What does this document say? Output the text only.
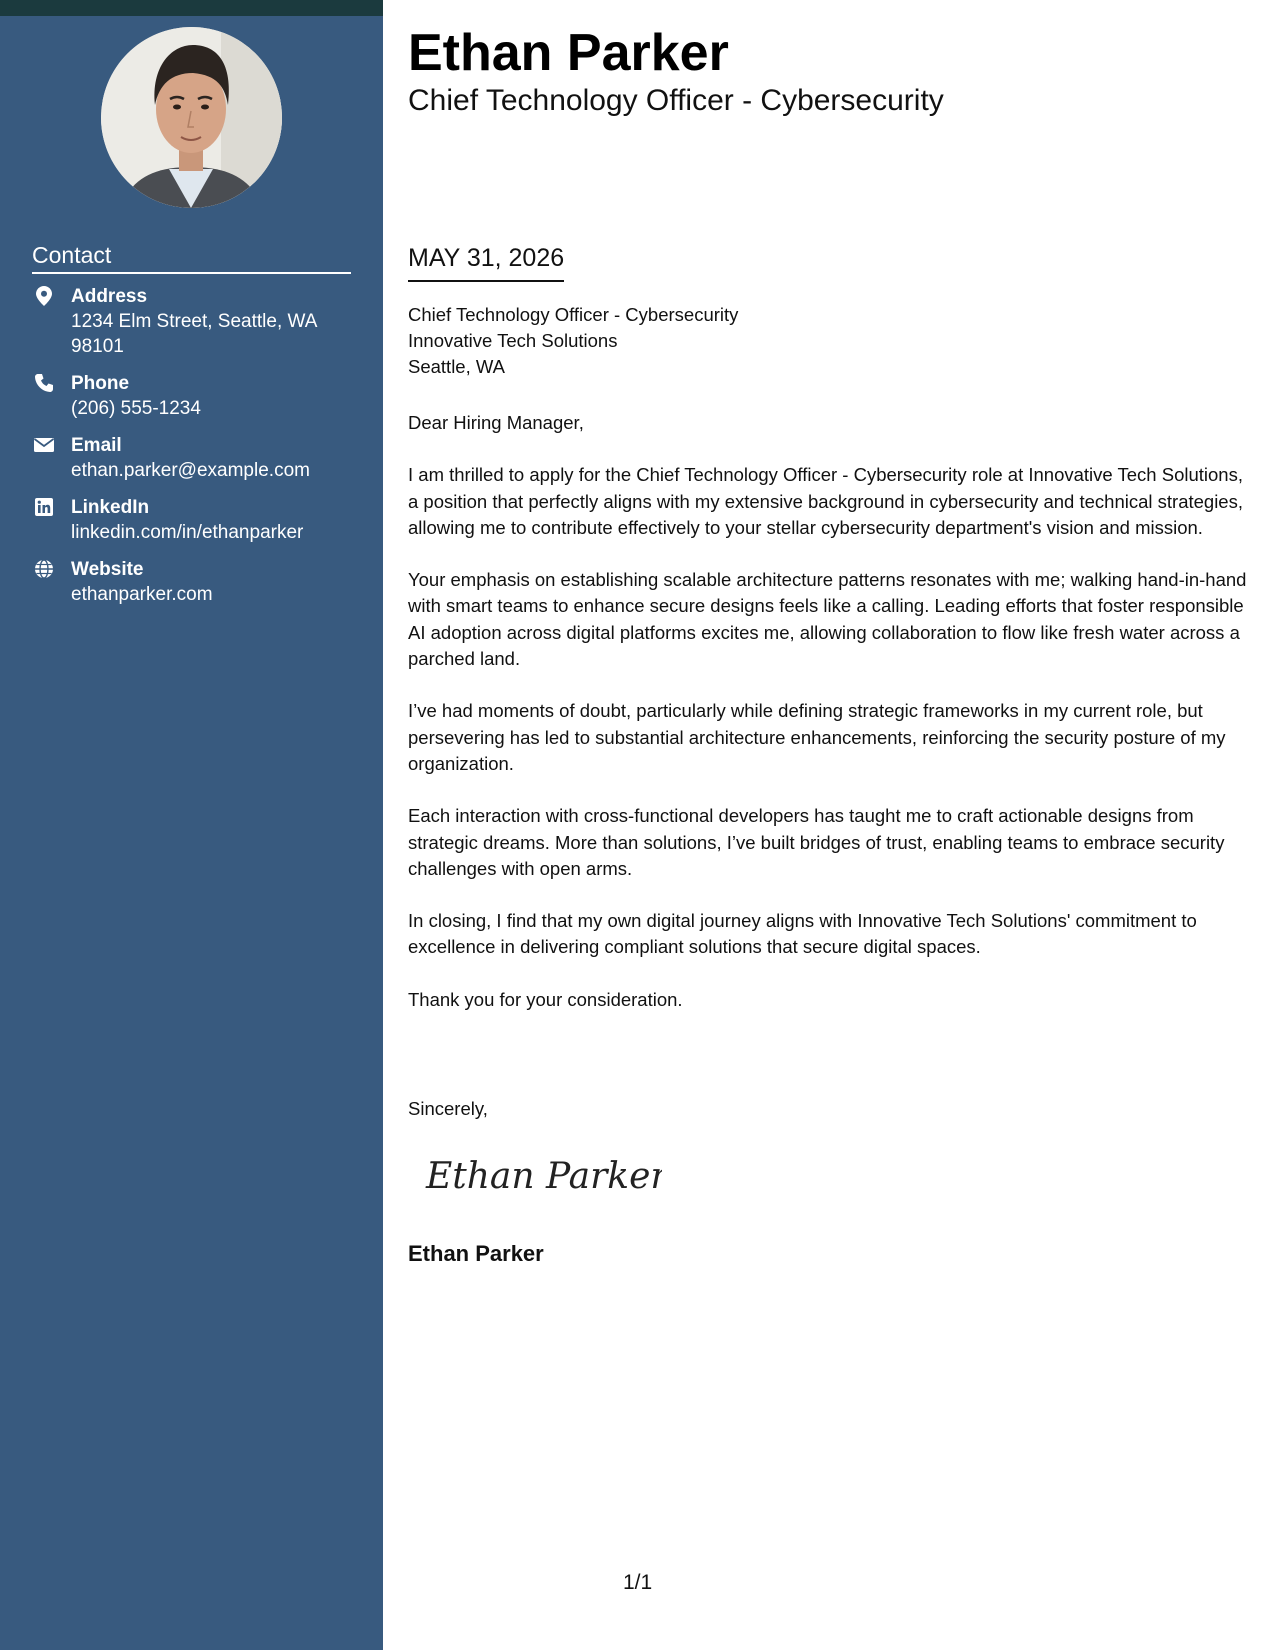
Contact
Address
1234 Elm Street, Seattle, WA 98101
Phone
(206) 555-1234
Email
ethan.parker@example.com
LinkedIn
linkedin.com/in/ethanparker
Website
ethanparker.com
Ethan Parker
Chief Technology Officer - Cybersecurity
MAY 31, 2026
Chief Technology Officer - Cybersecurity
Innovative Tech Solutions
Seattle, WA

Dear Hiring Manager,

I am thrilled to apply for the Chief Technology Officer - Cybersecurity role at Innovative Tech Solutions, a position that perfectly aligns with my extensive background in cybersecurity and technical strategies, allowing me to contribute effectively to your stellar cybersecurity department's vision and mission.

Your emphasis on establishing scalable architecture patterns resonates with me; walking hand-in-hand with smart teams to enhance secure designs feels like a calling. Leading efforts that foster responsible AI adoption across digital platforms excites me, allowing collaboration to flow like fresh water across a parched land.

I’ve had moments of doubt, particularly while defining strategic frameworks in my current role, but persevering has led to substantial architecture enhancements, reinforcing the security posture of my organization.

Each interaction with cross-functional developers has taught me to craft actionable designs from strategic dreams. More than solutions, I’ve built bridges of trust, enabling teams to embrace security challenges with open arms.

In closing, I find that my own digital journey aligns with Innovative Tech Solutions' commitment to excellence in delivering compliant solutions that secure digital spaces.

Thank you for your consideration.

Sincerely,
Ethan Parker
Ethan Parker
1/1
